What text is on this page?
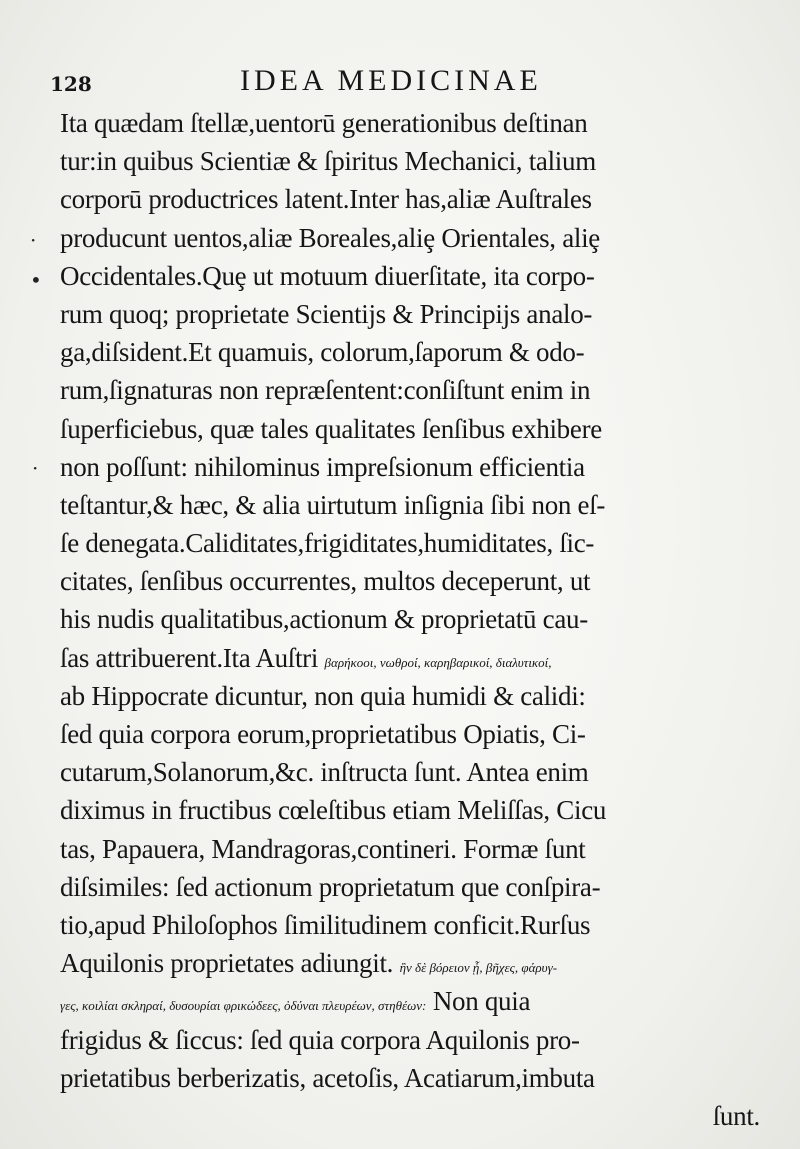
128	IDEA MEDICINAE
·
•
·
Ita quædam ſtellæ,uentorū generationibus deſtinan
tur:in quibus Scientiæ & ſpiritus Mechanici, talium
corporū productrices latent.Inter has,aliæ Auſtrales
producunt uentos,aliæ Boreales,aliȩ Orientales, aliȩ
Occidentales.Quȩ ut motuum diuerſitate, ita corpo-
rum quoq; proprietate Scientijs & Principijs analo-
ga,diſsident.Et quamuis, colorum,ſaporum & odo-
rum,ſignaturas non repræſentent:conſiſtunt enim in
ſuperficiebus, quæ tales qualitates ſenſibus exhibere
non poſſunt: nihilominus impreſsionum efficientia
teſtantur,& hæc, & alia uirtutum inſignia ſibi non eſ-
ſe denegata.Caliditates,frigiditates,humiditates, ſic-
citates, ſenſibus occurrentes, multos deceperunt, ut
his nudis qualitatibus,actionum & proprietatū cau-
ſas attribuerent.Ita Auſtri βαρήκοοι, νωθροί, καρηβαρικοί, διαλυτικοί,
ab Hippocrate dicuntur, non quia humidi & calidi:
ſed quia corpora eorum,proprietatibus Opiatis, Ci-
cutarum,Solanorum,&c. inſtructa ſunt. Antea enim
diximus in fructibus cœleſtibus etiam Meliſſas, Cicu
tas, Papauera, Mandragoras,contineri. Formæ ſunt
diſsimiles: ſed actionum proprietatum que conſpira-
tio,apud Philoſophos ſimilitudinem conficit.Rurſus
Aquilonis proprietates adiungit. ἢν δὲ βόρειον ᾖ, βῆχες, φάρυγ-
γες, κοιλίαι σκληραί, δυσουρίαι φρικώδεες, ὀδύναι πλευρέων, στηθέων: Non quia
frigidus & ſiccus: ſed quia corpora Aquilonis pro-
prietatibus berberizatis, acetoſis, Acatiarum,imbuta
ſunt.
